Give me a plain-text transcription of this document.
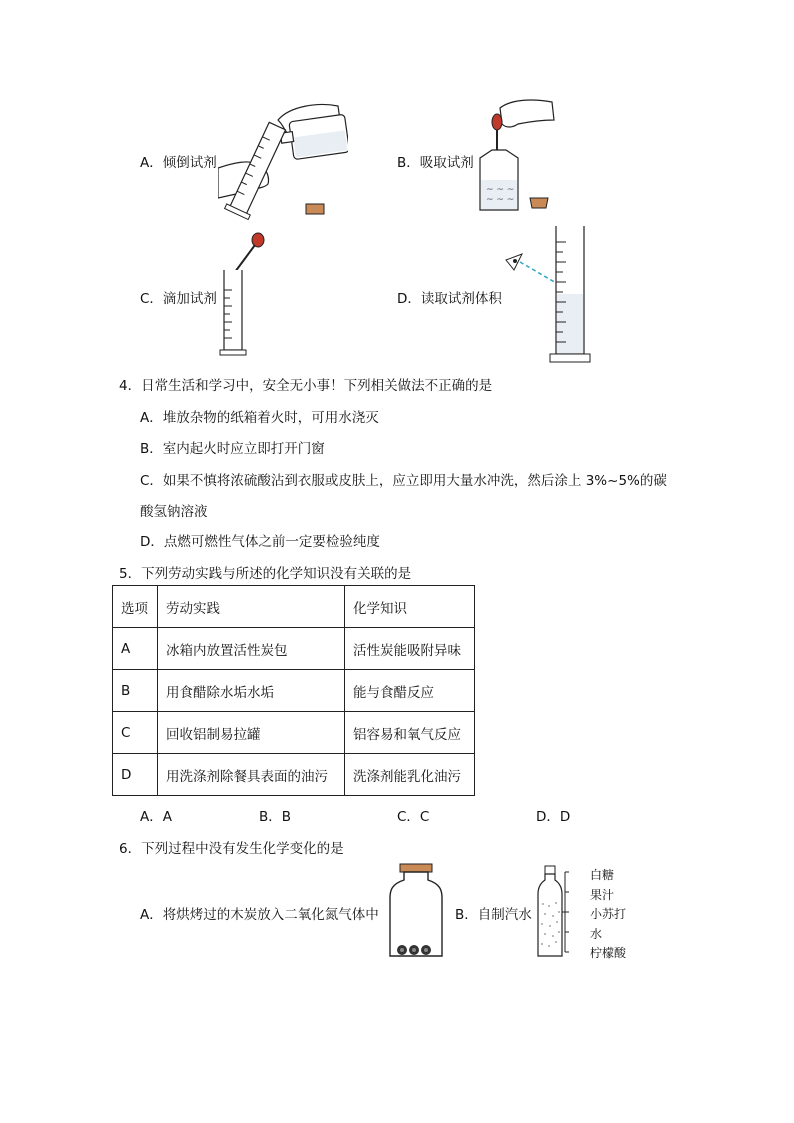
A．倾倒试剂	B．吸取试剂
~ ~ ~
~ ~ ~
C．滴加试剂	D．读取试剂体积
4．日常生活和学习中，安全无小事！下列相关做法不正确的是
A．堆放杂物的纸箱着火时，可用水浇灭
B．室内起火时应立即打开门窗
C．如果不慎将浓硫酸沾到衣服或皮肤上，应立即用大量水冲洗，然后涂上 3%~5%的碳
酸氢钠溶液
D．点燃可燃性气体之前一定要检验纯度
5．下列劳动实践与所述的化学知识没有关联的是
选项	劳动实践	化学知识
A	冰箱内放置活性炭包	活性炭能吸附异味
B	用食醋除水垢水垢	能与食醋反应
C	回收铝制易拉罐	铝容易和氧气反应
D	用洗涤剂除餐具表面的油污	洗涤剂能乳化油污
A．A	B．B	C．C	D．D
6．下列过程中没有发生化学变化的是
A．将烘烤过的木炭放入二氧化氮气体中	B．自制汽水
白糖
果汁
小苏打
水
柠檬酸
